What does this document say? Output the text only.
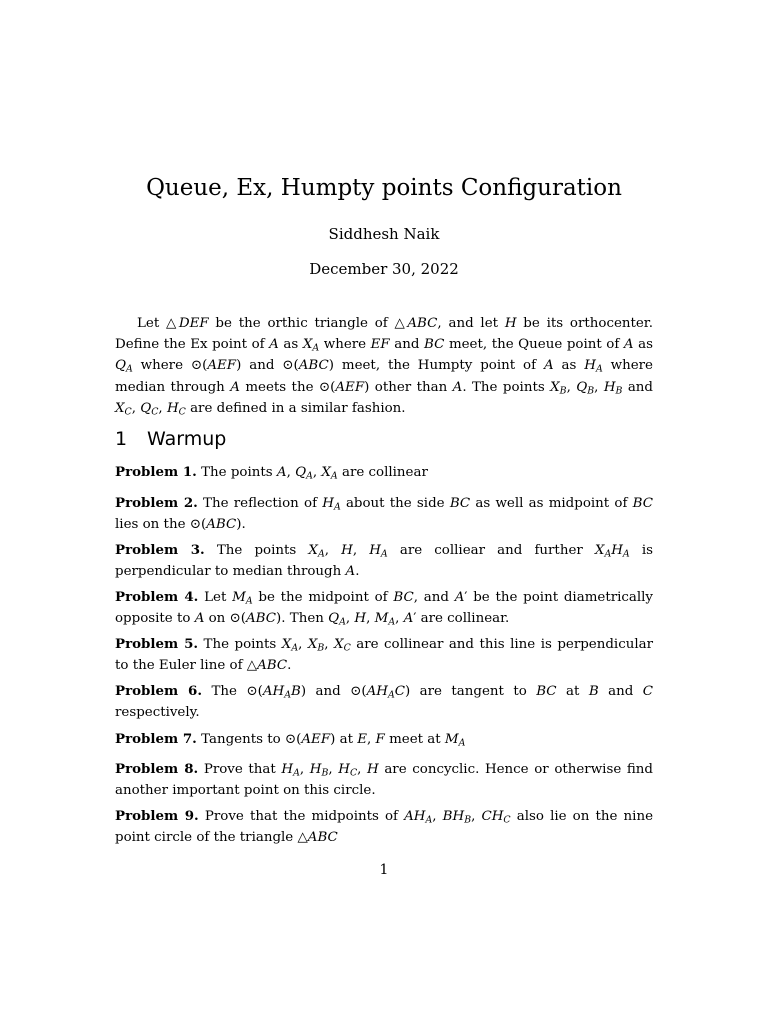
Queue, Ex, Humpty points Configuration
Siddhesh Naik
December 30, 2022
Let △DEF be the orthic triangle of △ABC, and let H be its orthocenter. Define the Ex point of A as $X_A$ where EF and BC meet, the Queue point of A as $Q_A$ where ⊙(AEF) and ⊙(ABC) meet, the Humpty point of A as $H_A$ where median through A meets the ⊙(AEF) other than A. The points $X_B$, $Q_B$, $H_B$ and $X_C$, $Q_C$, $H_C$ are defined in a similar fashion.
1 Warmup
Problem 1. The points A, $Q_A$, $X_A$ are collinear
Problem 2. The reflection of $H_A$ about the side BC as well as midpoint of BC lies on the ⊙(ABC).
Problem 3. The points $X_A$, H, $H_A$ are colliear and further $X_AH_A$ is perpendicular to median through A.
Problem 4. Let $M_A$ be the midpoint of BC, and A′ be the point diametrically opposite to A on ⊙(ABC). Then $Q_A$, H, $M_A$, A′ are collinear.
Problem 5. The points $X_A$, $X_B$, $X_C$ are collinear and this line is perpendicular to the Euler line of △ABC.
Problem 6. The $⊙(AH_AB)$ and $⊙(AH_AC)$ are tangent to BC at B and C respectively.
Problem 7. Tangents to ⊙(AEF) at E, F meet at $M_A$
Problem 8. Prove that $H_A$, $H_B$, $H_C$, H are concyclic. Hence or otherwise find another important point on this circle.
Problem 9. Prove that the midpoints of $AH_A$, $BH_B$, $CH_C$ also lie on the nine point circle of the triangle △ABC
1
